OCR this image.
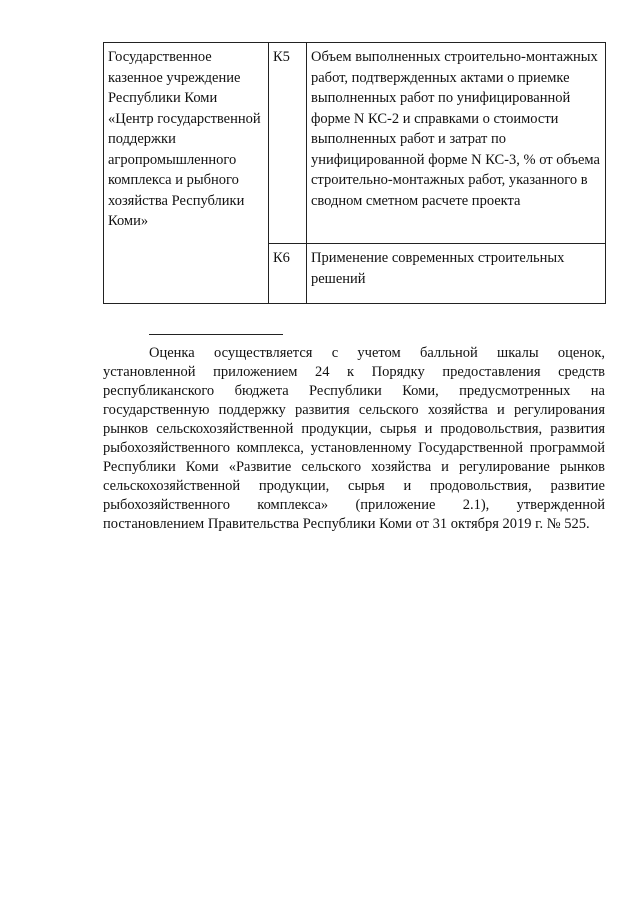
Государственное казенное учреждение Республики Коми «Центр государственной поддержки агропромышленного комплекса и рыбного хозяйства Республики Коми»	К5	Объем выполненных строительно-монтажных работ, подтвержденных актами о приемке выполненных работ по унифицированной форме N КС-2 и справками о стоимости выполненных работ и затрат по унифицированной форме N КС-3, % от объема строительно-монтажных работ, указанного в сводном сметном расчете проекта
	К6	Применение современных строительных решений

Оценка осуществляется с учетом балльной шкалы оценок, установленной приложением 24 к Порядку предоставления средств республиканского бюджета Республики Коми, предусмотренных на государственную поддержку развития сельского хозяйства и регулирования рынков сельскохозяйственной продукции, сырья и продовольствия, развития рыбохозяйственного комплекса, установленному Государственной программой Республики Коми «Развитие сельского хозяйства и регулирование рынков сельскохозяйственной продукции, сырья и продовольствия, развитие рыбохозяйственного комплекса» (приложение 2.1), утвержденной постановлением Правительства Республики Коми от 31 октября 2019 г. № 525.
